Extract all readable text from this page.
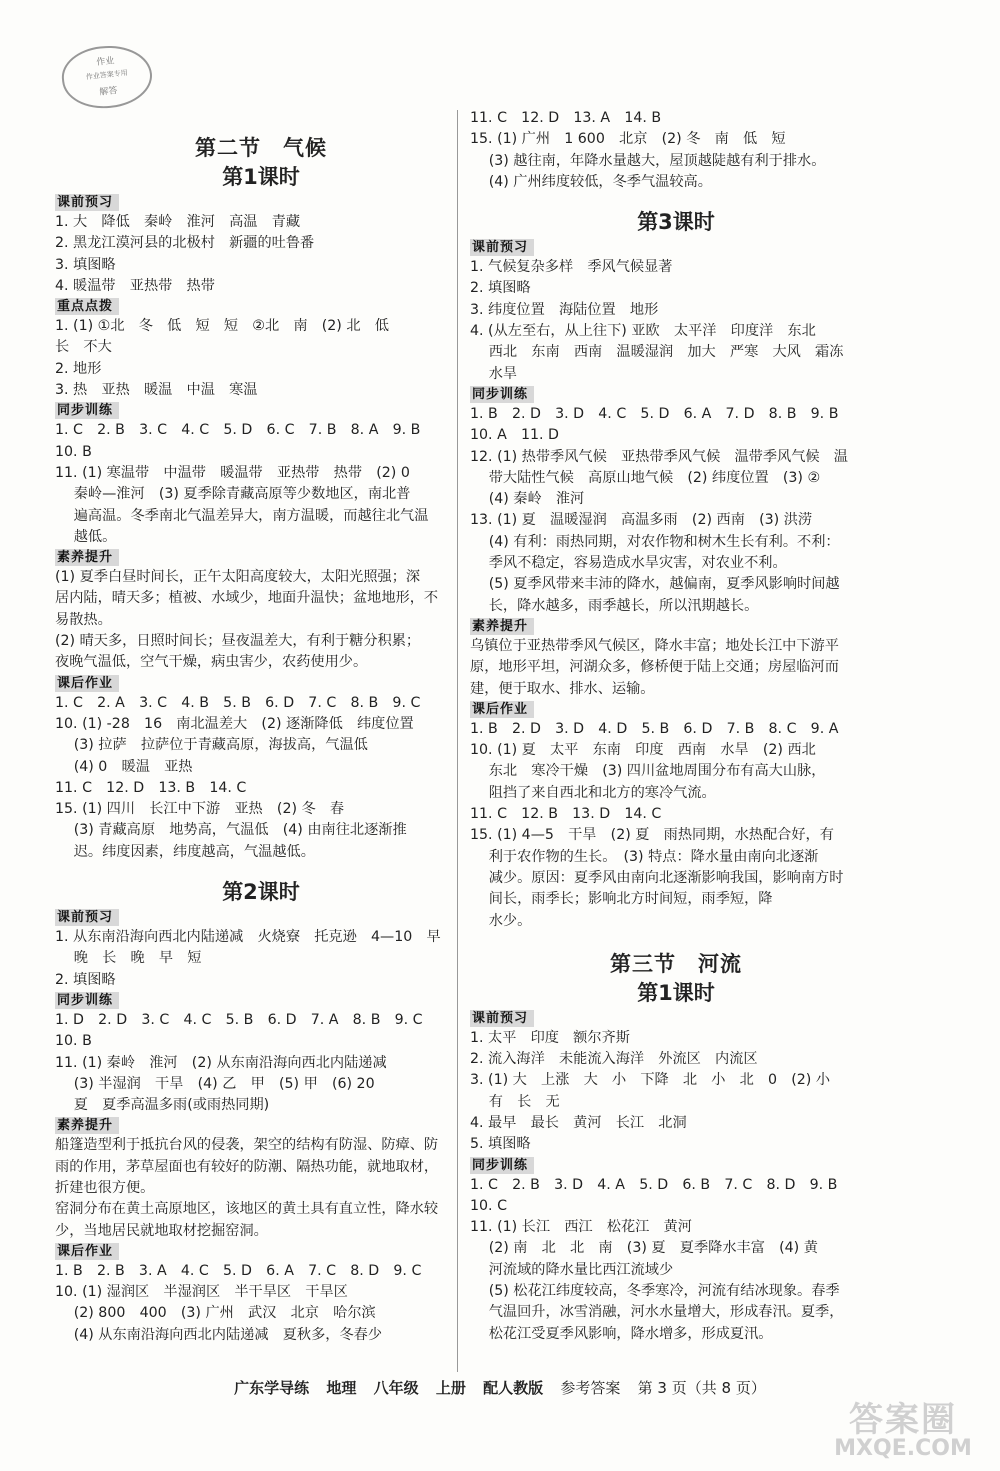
作业
作业答案专用
解答
第二节　气候
第1课时
课前预习
1. 大　降低　秦岭　淮河　高温　青藏
2. 黑龙江漠河县的北极村　新疆的吐鲁番
3. 填图略
4. 暖温带　亚热带　热带
重点点拨
1. (1) ①北　冬　低　短　短　②北　南　(2) 北　低
长　不大
2. 地形
3. 热　亚热　暖温　中温　寒温
同步训练
1. C　2. B　3. C　4. C　5. D　6. C　7. B　8. A　9. B
10. B
11. (1) 寒温带　中温带　暖温带　亚热带　热带　(2) 0
　 秦岭—淮河　(3) 夏季除青藏高原等少数地区，南北普
　 遍高温。冬季南北气温差异大，南方温暖，而越往北气温
　 越低。
素养提升
(1) 夏季白昼时间长，正午太阳高度较大，太阳光照强；深
居内陆，晴天多；植被、水域少，地面升温快；盆地地形，不
易散热。
(2) 晴天多，日照时间长；昼夜温差大，有利于糖分积累；
夜晚气温低，空气干燥，病虫害少，农药使用少。
课后作业
1. C　2. A　3. C　4. B　5. B　6. D　7. C　8. B　9. C
10. (1) -28　16　南北温差大　(2) 逐渐降低　纬度位置
　 (3) 拉萨　拉萨位于青藏高原，海拔高，气温低
　 (4) 0　暖温　亚热
11. C　12. D　13. B　14. C
15. (1) 四川　长江中下游　亚热　(2) 冬　春
　 (3) 青藏高原　地势高，气温低　(4) 由南往北逐渐推
　 迟。纬度因素，纬度越高，气温越低。
第2课时
课前预习
1. 从东南沿海向西北内陆递减　火烧寮　托克逊　4—10　早
　 晚　长　晚　早　短
2. 填图略
同步训练
1. D　2. D　3. C　4. C　5. B　6. D　7. A　8. B　9. C
10. B
11. (1) 秦岭　淮河　(2) 从东南沿海向西北内陆递减
　 (3) 半湿润　干旱　(4) 乙　甲　(5) 甲　(6) 20
　 夏　夏季高温多雨(或雨热同期)
素养提升
船篷造型利于抵抗台风的侵袭，架空的结构有防湿、防瘴、防
雨的作用，茅草屋面也有较好的防潮、隔热功能，就地取材，
折建也很方便。
窑洞分布在黄土高原地区，该地区的黄土具有直立性，降水较
少，当地居民就地取材挖掘窑洞。
课后作业
1. B　2. B　3. A　4. C　5. D　6. A　7. C　8. D　9. C
10. (1) 湿润区　半湿润区　半干旱区　干旱区
　 (2) 800　400　(3) 广州　武汉　北京　哈尔滨
　 (4) 从东南沿海向西北内陆递减　夏秋多，冬春少
11. C　12. D　13. A　14. B
15. (1) 广州　1 600　北京　(2) 冬　南　低　短
　 (3) 越往南，年降水量越大，屋顶越陡越有利于排水。
　 (4) 广州纬度较低，冬季气温较高。
第3课时
课前预习
1. 气候复杂多样　季风气候显著
2. 填图略
3. 纬度位置　海陆位置　地形
4. (从左至右，从上往下) 亚欧　太平洋　印度洋　东北
　 西北　东南　西南　温暖湿润　加大　严寒　大风　霜冻
　 水旱
同步训练
1. B　2. D　3. D　4. C　5. D　6. A　7. D　8. B　9. B
10. A　11. D
12. (1) 热带季风气候　亚热带季风气候　温带季风气候　温
　 带大陆性气候　高原山地气候　(2) 纬度位置　(3) ②
　 (4) 秦岭　淮河
13. (1) 夏　温暖湿润　高温多雨　(2) 西南　(3) 洪涝
　 (4) 有利：雨热同期，对农作物和树木生长有利。不利：
　 季风不稳定，容易造成水旱灾害，对农业不利。
　 (5) 夏季风带来丰沛的降水，越偏南，夏季风影响时间越
　 长，降水越多，雨季越长，所以汛期越长。
素养提升
乌镇位于亚热带季风气候区，降水丰富；地处长江中下游平
原，地形平坦，河湖众多，修桥便于陆上交通；房屋临河而
建，便于取水、排水、运输。
课后作业
1. B　2. D　3. D　4. D　5. B　6. D　7. B　8. C　9. A
10. (1) 夏　太平　东南　印度　西南　水旱　(2) 西北
　 东北　寒冷干燥　(3) 四川盆地周围分布有高大山脉，
　 阻挡了来自西北和北方的寒冷气流。
11. C　12. B　13. D　14. C
15. (1) 4—5　干旱　(2) 夏　雨热同期，水热配合好，有
　 利于农作物的生长。　(3) 特点：降水量由南向北逐渐
　 减少。原因：夏季风由南向北逐渐影响我国，影响南方时
　 间长，雨季长；影响北方时间短，雨季短，降
　 水少。
第三节　河流
第1课时
课前预习
1. 太平　印度　额尔齐斯
2. 流入海洋　未能流入海洋　外流区　内流区
3. (1) 大　上涨　大　小　下降　北　小　北　0　(2) 小
　 有　长　无
4. 最早　最长　黄河　长江　北洞
5. 填图略
同步训练
1. C　2. B　3. D　4. A　5. D　6. B　7. C　8. D　9. B
10. C
11. (1) 长江　西江　松花江　黄河
　 (2) 南　北　北　南　(3) 夏　夏季降水丰富　(4) 黄
　 河流域的降水量比西江流域少
　 (5) 松花江纬度较高，冬季寒冷，河流有结冰现象。春季
　 气温回升，冰雪消融，河水水量增大，形成春汛。夏季，
　 松花江受夏季风影响，降水增多，形成夏汛。
广东学导练 地理 八年级 上册 配人教版 参考答案 第 3 页（共 8 页）
答案圈
MXQE.COM
